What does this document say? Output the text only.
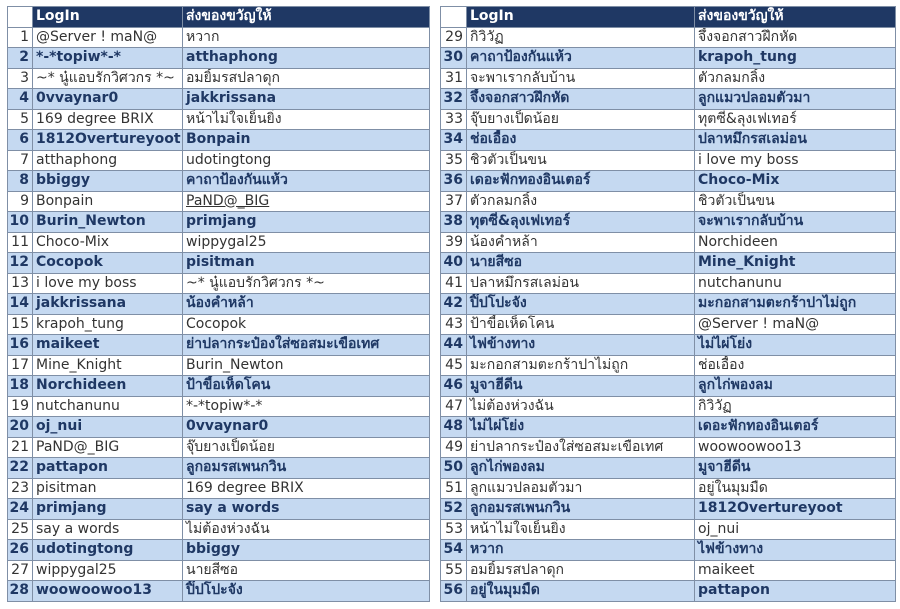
	LogIn	ส่งของขวัญให้
1	@Server ! maN@	หวาก
2	*-*topiw*-*	atthaphong
3	~* นู๋แอบรักวิศวกร *~	อมยิ้มรสปลาดุก
4	0vvaynar0	jakkrissana
5	169 degree BRIX	หน้าไม่ใจเย็นยิ่ง
6	1812Overtureyoot	Bonpain
7	atthaphong	udotingtong
8	bbiggy	คาถาป้องกันแห้ว
9	Bonpain	PaND@_BIG
10	Burin_Newton	primjang
11	Choco-Mix	wippygal25
12	Cocopok	pisitman
13	i love my boss	~* นู๋แอบรักวิศวกร *~
14	jakkrissana	น้องคำหล้า
15	krapoh_tung	Cocopok
16	maikeet	ย่าปลากระป๋องใส่ซอสมะเขือเทศ
17	Mine_Knight	Burin_Newton
18	Norchideen	ป้าขี้อเห็ดโคน
19	nutchanunu	*-*topiw*-*
20	oj_nui	0vvaynar0
21	PaND@_BIG	จุ๊บยางเป็ดน้อย
22	pattapon	ลูกอมรสเพนกวิน
23	pisitman	169 degree BRIX
24	primjang	say a words
25	say a words	ไม่ต้องห่วงฉัน
26	udotingtong	bbiggy
27	wippygal25	นายสีซอ
28	woowoowoo13	ปิ๊ปโปะจัง
	LogIn	ส่งของขวัญให้
29	กิวิวัฏ	จึ้งจอกสาวฝึกหัด
30	คาถาป้องกันแห้ว	krapoh_tung
31	จะพาเรากลับบ้าน	ตัวกลมกลิ้ง
32	จึ้งจอกสาวฝึกหัด	ลูกแมวปลอมตัวมา
33	จุ๊บยางเป็ดน้อย	ทุตซี่&ลุงเฟเทอร์
34	ช่อเอื้อง	ปลาหมึกรสเลม่อน
35	ชิวตัวเป็นขน	i love my boss
36	เดอะฟักทองอินเตอร์	Choco-Mix
37	ตัวกลมกลิ้ง	ชิวตัวเป็นขน
38	ทุตซี่&ลุงเฟเทอร์	จะพาเรากลับบ้าน
39	น้องคำหล้า	Norchideen
40	นายสีซอ	Mine_Knight
41	ปลาหมึกรสเลม่อน	nutchanunu
42	ปิ๊ปโปะจัง	มะกอกสามตะกร้าปาไม่ถูก
43	ป้าขี้อเห็ดโคน	@Server ! maN@
44	ไฟข้างทาง	ไม่ไผ่โย่ง
45	มะกอกสามตะกร้าปาไม่ถูก	ช่อเอื้อง
46	มูจาฮีดีน	ลูกไก่พองลม
47	ไม่ต้องห่วงฉัน	กิวิวัฏ
48	ไม่ไผ่โย่ง	เดอะฟักทองอินเตอร์
49	ย่าปลากระป๋องใส่ซอสมะเขือเทศ	woowoowoo13
50	ลูกไก่พองลม	มูจาฮีดีน
51	ลูกแมวปลอมตัวมา	อยู่ในมุมมืด
52	ลูกอมรสเพนกวิน	1812Overtureyoot
53	หน้าไม่ใจเย็นยิ่ง	oj_nui
54	หวาก	ไฟข้างทาง
55	อมยิ้มรสปลาดุก	maikeet
56	อยู่ในมุมมืด	pattapon
